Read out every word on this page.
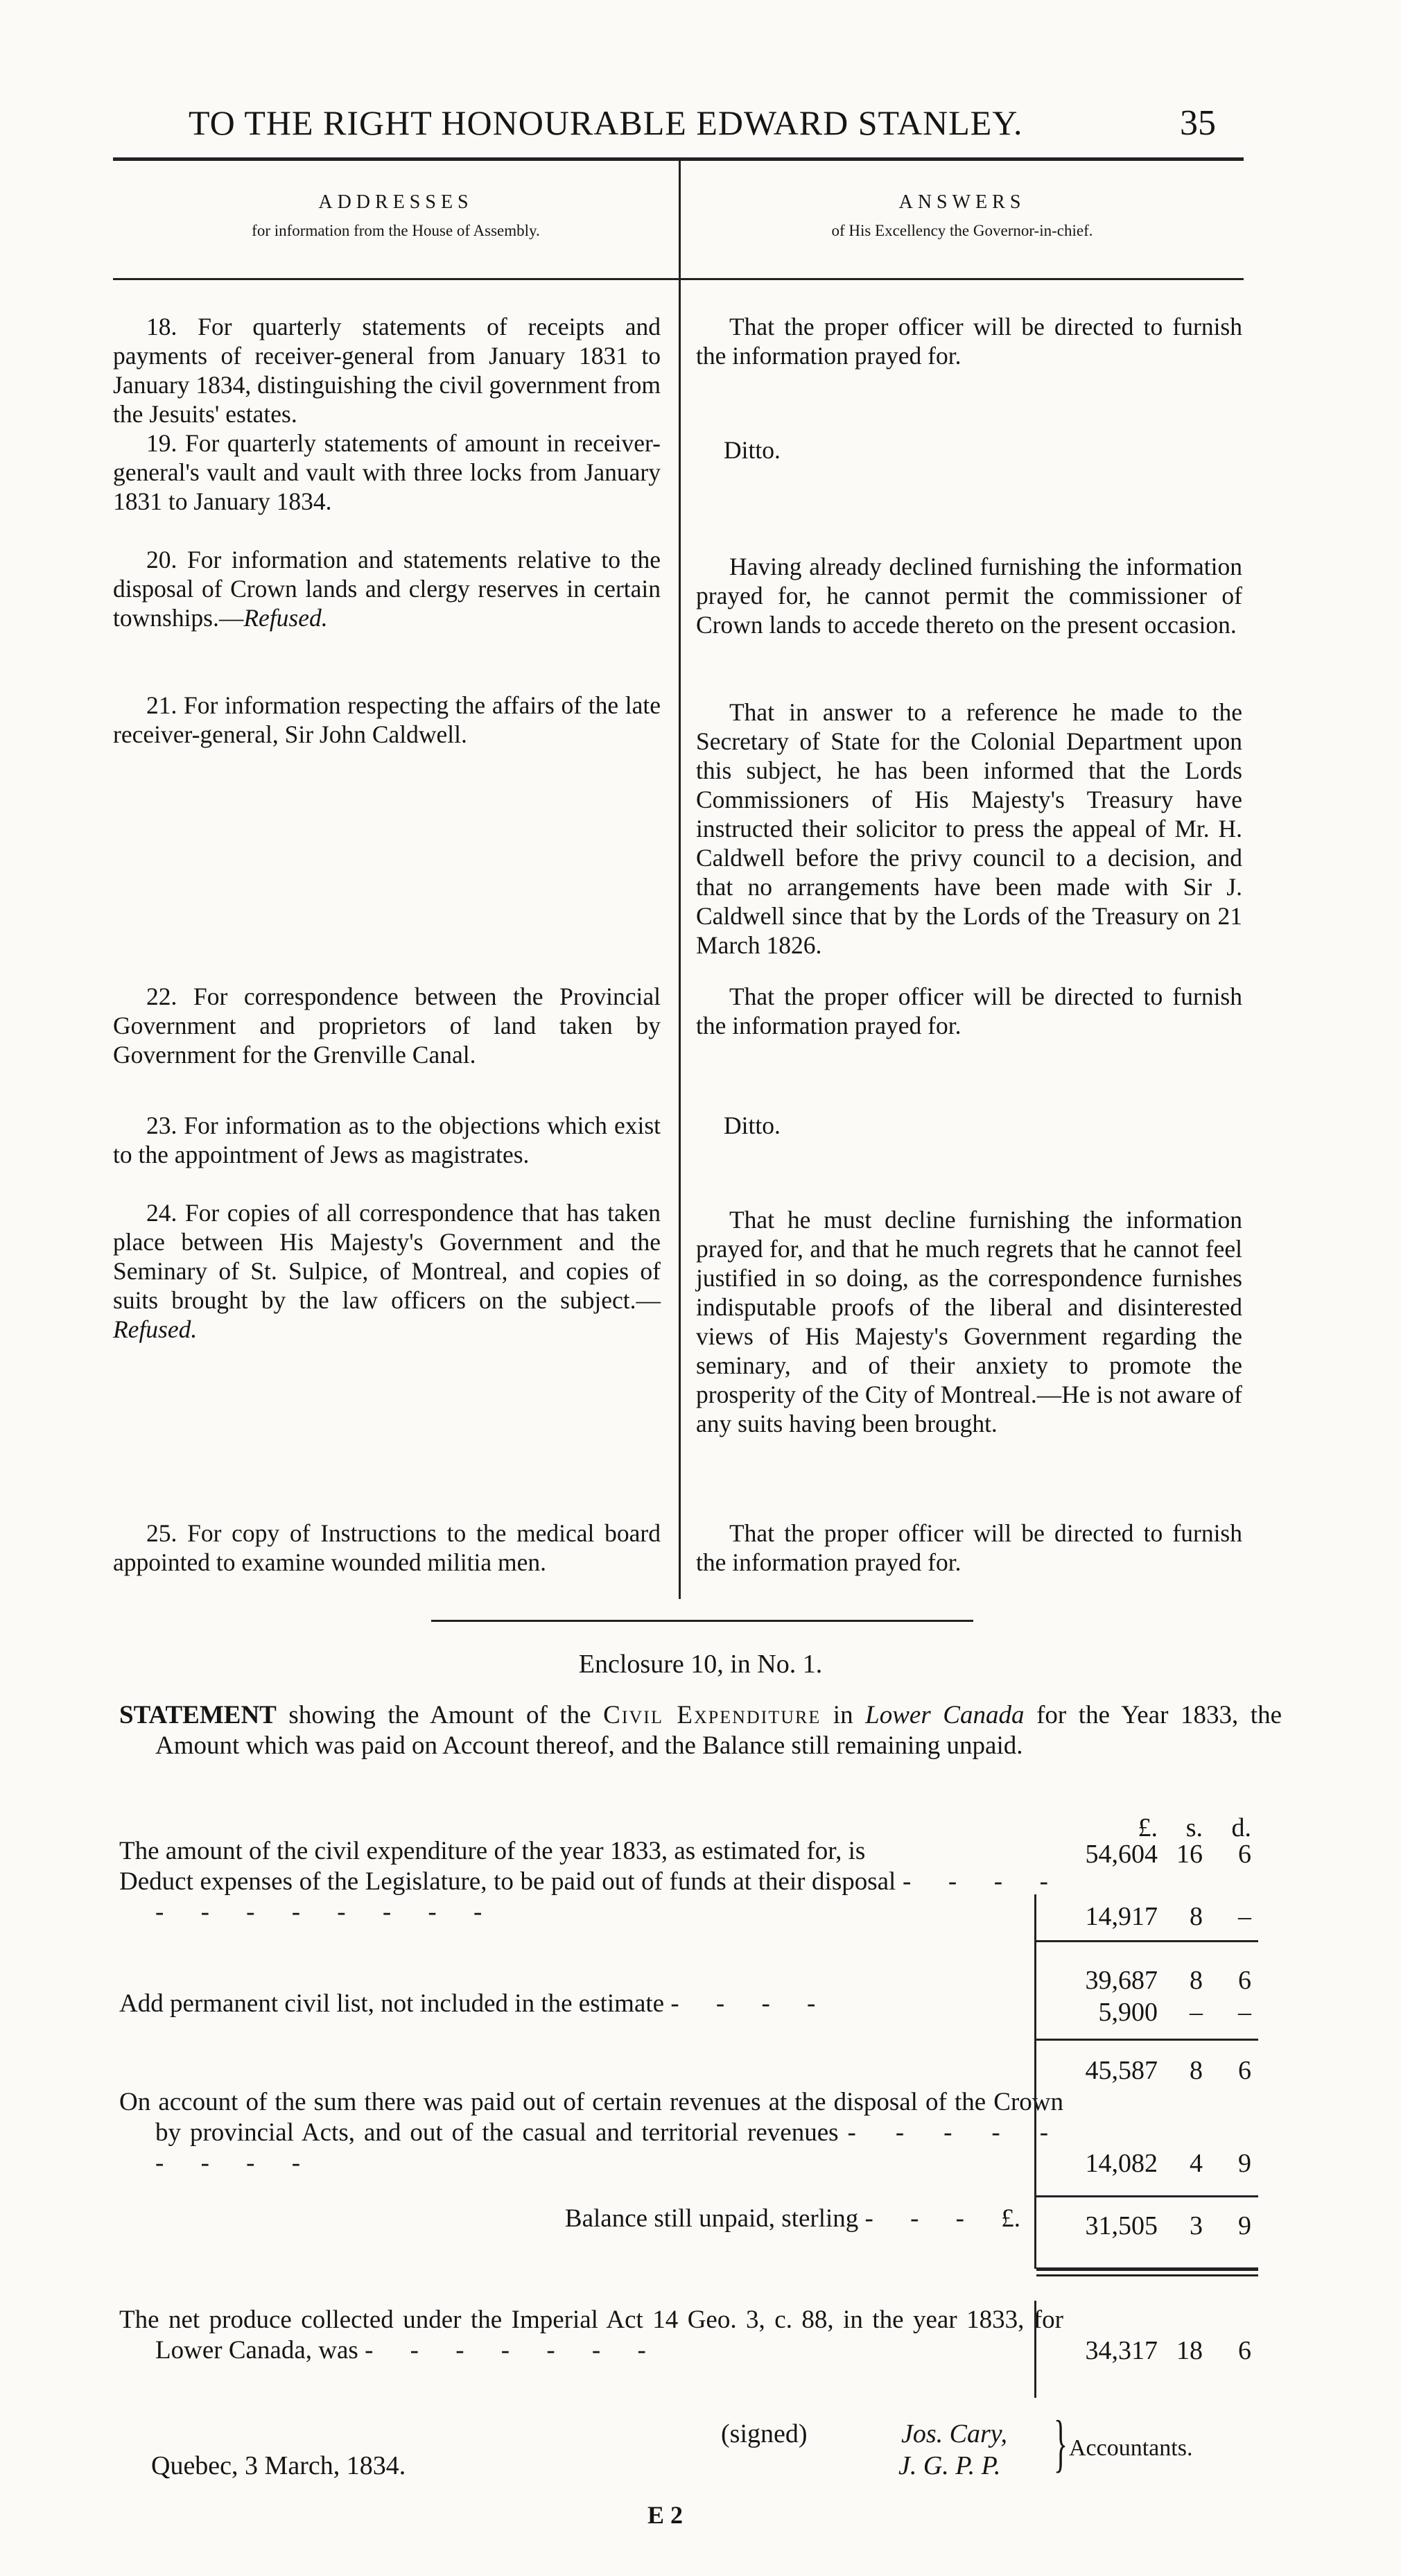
TO THE RIGHT HONOURABLE EDWARD STANLEY.	35
ADDRESSES
for information from the House of Assembly.
ANSWERS
of His Excellency the Governor-in-chief.
18. For quarterly statements of receipts and payments of receiver-general from January 1831 to January 1834, distinguishing the civil government from the Jesuits' estates.
19. For quarterly statements of amount in receiver-general's vault and vault with three locks from January 1831 to January 1834.
20. For information and statements relative to the disposal of Crown lands and clergy reserves in certain townships.—Refused.
21. For information respecting the affairs of the late receiver-general, Sir John Caldwell.
22. For correspondence between the Provincial Government and proprietors of land taken by Government for the Grenville Canal.
23. For information as to the objections which exist to the appointment of Jews as magistrates.
24. For copies of all correspondence that has taken place between His Majesty's Government and the Seminary of St. Sulpice, of Montreal, and copies of suits brought by the law officers on the subject.—Refused.
25. For copy of Instructions to the medical board appointed to examine wounded militia men.
That the proper officer will be directed to furnish the information prayed for.
Ditto.
Having already declined furnishing the information prayed for, he cannot permit the commissioner of Crown lands to accede thereto on the present occasion.
That in answer to a reference he made to the Secretary of State for the Colonial Department upon this subject, he has been informed that the Lords Commissioners of His Majesty's Treasury have instructed their solicitor to press the appeal of Mr. H. Caldwell before the privy council to a decision, and that no arrangements have been made with Sir J. Caldwell since that by the Lords of the Treasury on 21 March 1826.
That the proper officer will be directed to furnish the information prayed for.
Ditto.
That he must decline furnishing the information prayed for, and that he much regrets that he cannot feel justified in so doing, as the correspondence furnishes indisputable proofs of the liberal and disinterested views of His Majesty's Government regarding the seminary, and of their anxiety to promote the prosperity of the City of Montreal.—He is not aware of any suits having been brought.
That the proper officer will be directed to furnish the information prayed for.
Enclosure 10, in No. 1.
STATEMENT showing the Amount of the Civil Expenditure in Lower Canada for the Year 1833, the Amount which was paid on Account thereof, and the Balance still remaining unpaid.
£. s. d.
The amount of the civil expenditure of the year 1833, as estimated for, is
Deduct expenses of the Legislature, to be paid out of funds at their disposal - - - - - - - - - - - -
Add permanent civil list, not included in the estimate - - - -
On account of the sum there was paid out of certain revenues at the disposal of the Crown by provincial Acts, and out of the casual and territorial revenues - - - - - - - - -
Balance still unpaid, sterling - - - £.
The net produce collected under the Imperial Act 14 Geo. 3, c. 88, in the year 1833, for Lower Canada, was - - - - - - -
54,604 16 6
14,917 8 –
39,687 8 6
5,900 – –
45,587 8 6
14,082 4 9
31,505 3 9
34,317 18 6
Quebec, 3 March, 1834.
(signed)	Jos. Cary,
J. G. P. P. } Accountants.
E 2
